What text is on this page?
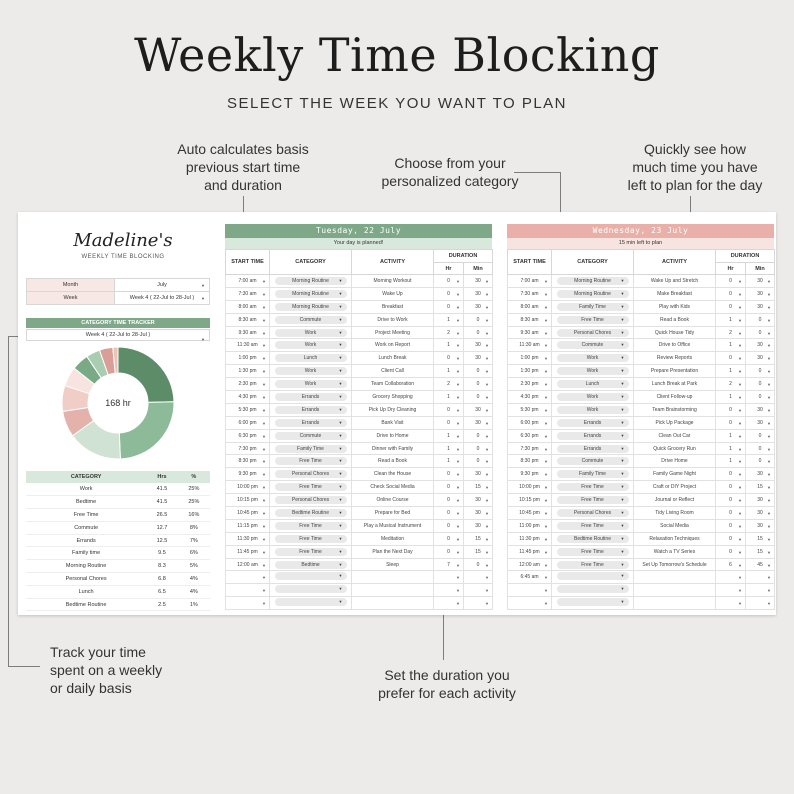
Weekly Time Blocking
SELECT THE WEEK YOU WANT TO PLAN
Auto calculates basis
previous start time
and duration
Choose from your
personalized category
Quickly see how
much time you have
left to plan for the day
Track your time
spent on a weekly
or daily basis
Set the duration you
prefer for each activity
Madeline's
WEEKLY TIME BLOCKING
Month	July ▼

Week	Week 4 ( 22-Jul to 28-Jul ) ▼
CATEGORY TIME TRACKER
Week 4 ( 22-Jul to 28-Jul )
▼
168 hr
CATEGORY	Hrs	%
Work	41.5	25%
Bedtime	41.5	25%
Free Time	26.5	16%
Commute	12.7	8%
Errands	12.5	7%
Family time	9.5	6%
Morning Routine	8.3	5%
Personal Chores	6.8	4%
Lunch	6.5	4%
Bedtime Routine	2.5	1%
Tuesday, 22 July
Your day is planned!
START TIME	CATEGORY	ACTIVITY	DURATION	
			Hr	Min
7:00 am ▼	Morning Routine ▼	Morning Workout	0 ▼	30 ▼

7:30 am ▼	Morning Routine ▼	Wake Up	0 ▼	30 ▼

8:00 am ▼	Morning Routine ▼	Breakfast	0 ▼	30 ▼

8:30 am ▼	Commute ▼	Drive to Work	1 ▼	0 ▼

9:30 am ▼	Work ▼	Project Meeting	2 ▼	0 ▼

11:30 am ▼	Work ▼	Work on Report	1 ▼	30 ▼

1:00 pm ▼	Lunch ▼	Lunch Break	0 ▼	30 ▼

1:30 pm ▼	Work ▼	Client Call	1 ▼	0 ▼

2:30 pm ▼	Work ▼	Team Collaboration	2 ▼	0 ▼

4:30 pm ▼	Errands ▼	Grocery Shopping	1 ▼	0 ▼

5:30 pm ▼	Errands ▼	Pick Up Dry Cleaning	0 ▼	30 ▼

6:00 pm ▼	Errands ▼	Bank Visit	0 ▼	30 ▼

6:30 pm ▼	Commute ▼	Drive to Home	1 ▼	0 ▼

7:30 pm ▼	Family Time ▼	Dinner with Family	1 ▼	0 ▼

8:30 pm ▼	Free Time ▼	Read a Book	1 ▼	0 ▼

9:30 pm ▼	Personal Chores ▼	Clean the House	0 ▼	30 ▼

10:00 pm ▼	Free Time ▼	Check Social Media	0 ▼	15 ▼

10:15 pm ▼	Personal Chores ▼	Online Course	0 ▼	30 ▼

10:45 pm ▼	Bedtime Routine ▼	Prepare for Bed	0 ▼	30 ▼

11:15 pm ▼	Free Time ▼	Play a Musical Instrument	0 ▼	30 ▼

11:30 pm ▼	Free Time ▼	Meditation	0 ▼	15 ▼

11:45 pm ▼	Free Time ▼	Plan the Next Day	0 ▼	15 ▼

12:00 am ▼	Bedtime ▼	Sleep	7 ▼	0 ▼

▼	▼		▼	▼

▼	▼		▼	▼

▼	▼		▼	▼
Wednesday, 23 July
15 min left to plan
START TIME	CATEGORY	ACTIVITY	DURATION	
			Hr	Min
7:00 am ▼	Morning Routine ▼	Wake Up and Stretch	0 ▼	30 ▼

7:30 am ▼	Morning Routine ▼	Make Breakfast	0 ▼	30 ▼

8:00 am ▼	Family Time ▼	Play with Kids	0 ▼	30 ▼

8:30 am ▼	Free Time ▼	Read a Book	1 ▼	0 ▼

9:30 am ▼	Personal Chores ▼	Quick House Tidy	2 ▼	0 ▼

11:30 am ▼	Commute ▼	Drive to Office	1 ▼	30 ▼

1:00 pm ▼	Work ▼	Review Reports	0 ▼	30 ▼

1:30 pm ▼	Work ▼	Prepare Presentation	1 ▼	0 ▼

2:30 pm ▼	Lunch ▼	Lunch Break at Park	2 ▼	0 ▼

4:30 pm ▼	Work ▼	Client Follow-up	1 ▼	0 ▼

5:30 pm ▼	Work ▼	Team Brainstorming	0 ▼	30 ▼

6:00 pm ▼	Errands ▼	Pick Up Package	0 ▼	30 ▼

6:30 pm ▼	Errands ▼	Clean Out Car	1 ▼	0 ▼

7:30 pm ▼	Errands ▼	Quick Grocery Run	1 ▼	0 ▼

8:30 pm ▼	Commute ▼	Drive Home	1 ▼	0 ▼

9:30 pm ▼	Family Time ▼	Family Game Night	0 ▼	30 ▼

10:00 pm ▼	Free Time ▼	Craft or DIY Project	0 ▼	15 ▼

10:15 pm ▼	Free Time ▼	Journal or Reflect	0 ▼	30 ▼

10:45 pm ▼	Personal Chores ▼	Tidy Living Room	0 ▼	30 ▼

11:00 pm ▼	Free Time ▼	Social Media	0 ▼	30 ▼

11:30 pm ▼	Bedtime Routine ▼	Relaxation Techniques	0 ▼	15 ▼

11:45 pm ▼	Free Time ▼	Watch a TV Series	0 ▼	15 ▼

12:00 am ▼	Free Time ▼	Set Up Tomorrow's Schedule	6 ▼	45 ▼

6:45 am ▼	▼		▼	▼

▼	▼		▼	▼

▼	▼		▼	▼
